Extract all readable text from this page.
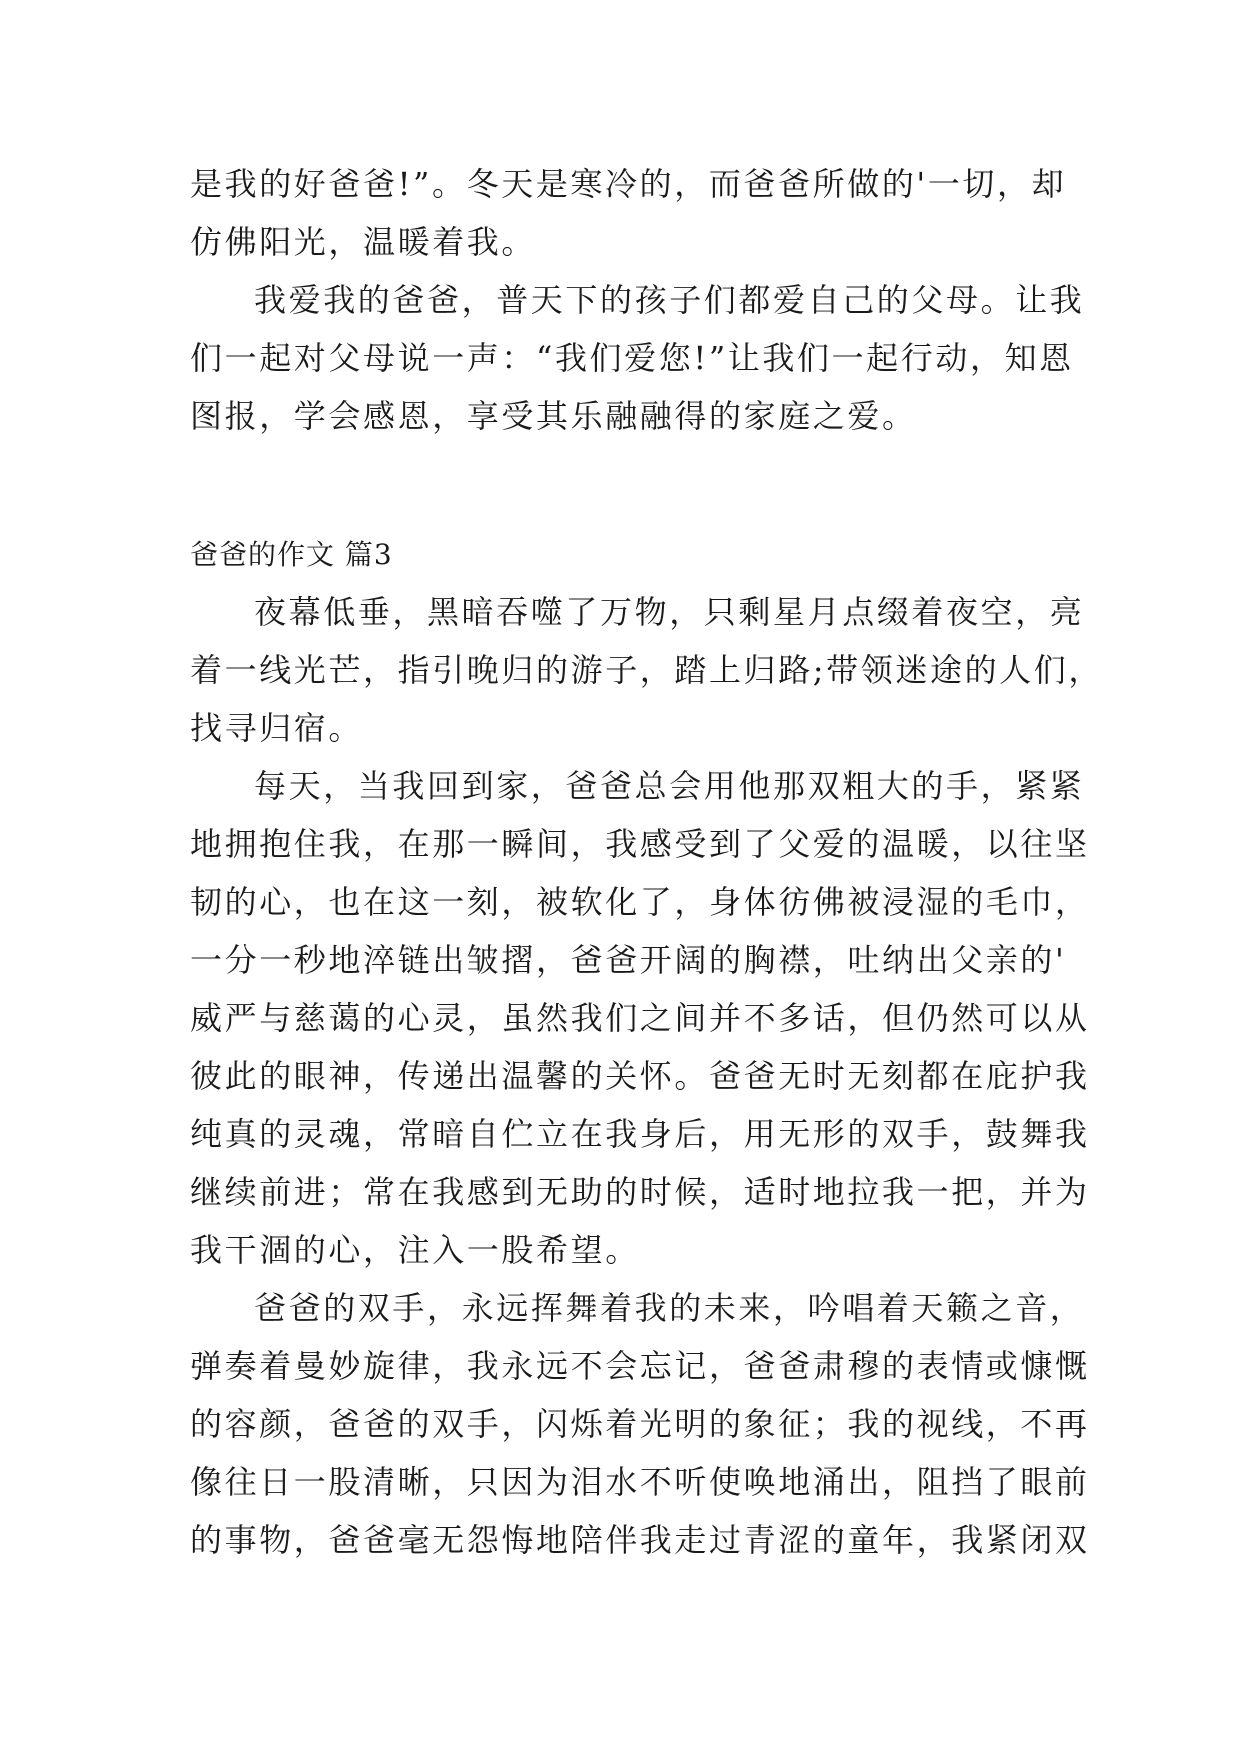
是我的好爸爸!”。冬天是寒冷的，而爸爸所做的'一切，却
仿佛阳光，温暖着我。
我爱我的爸爸，普天下的孩子们都爱自己的父母。让我
们一起对父母说一声：“我们爱您!”让我们一起行动，知恩
图报，学会感恩，享受其乐融融得的家庭之爱。
爸爸的作文 篇3
夜幕低垂，黑暗吞噬了万物，只剩星月点缀着夜空，亮
着一线光芒，指引晚归的游子，踏上归路;带领迷途的人们，
找寻归宿。
每天，当我回到家，爸爸总会用他那双粗大的手，紧紧
地拥抱住我，在那一瞬间，我感受到了父爱的温暖，以往坚
韧的心，也在这一刻，被软化了，身体彷佛被浸湿的毛巾，
一分一秒地淬链出皱摺，爸爸开阔的胸襟，吐纳出父亲的'
威严与慈蔼的心灵，虽然我们之间并不多话，但仍然可以从
彼此的眼神，传递出温馨的关怀。爸爸无时无刻都在庇护我
纯真的灵魂，常暗自伫立在我身后，用无形的双手，鼓舞我
继续前进；常在我感到无助的时候，适时地拉我一把，并为
我干涸的心，注入一股希望。
爸爸的双手，永远挥舞着我的未来，吟唱着天籁之音，
弹奏着曼妙旋律，我永远不会忘记，爸爸肃穆的表情或慷慨
的容颜，爸爸的双手，闪烁着光明的象征；我的视线，不再
像往日一股清晰，只因为泪水不听使唤地涌出，阻挡了眼前
的事物，爸爸毫无怨悔地陪伴我走过青涩的童年，我紧闭双
